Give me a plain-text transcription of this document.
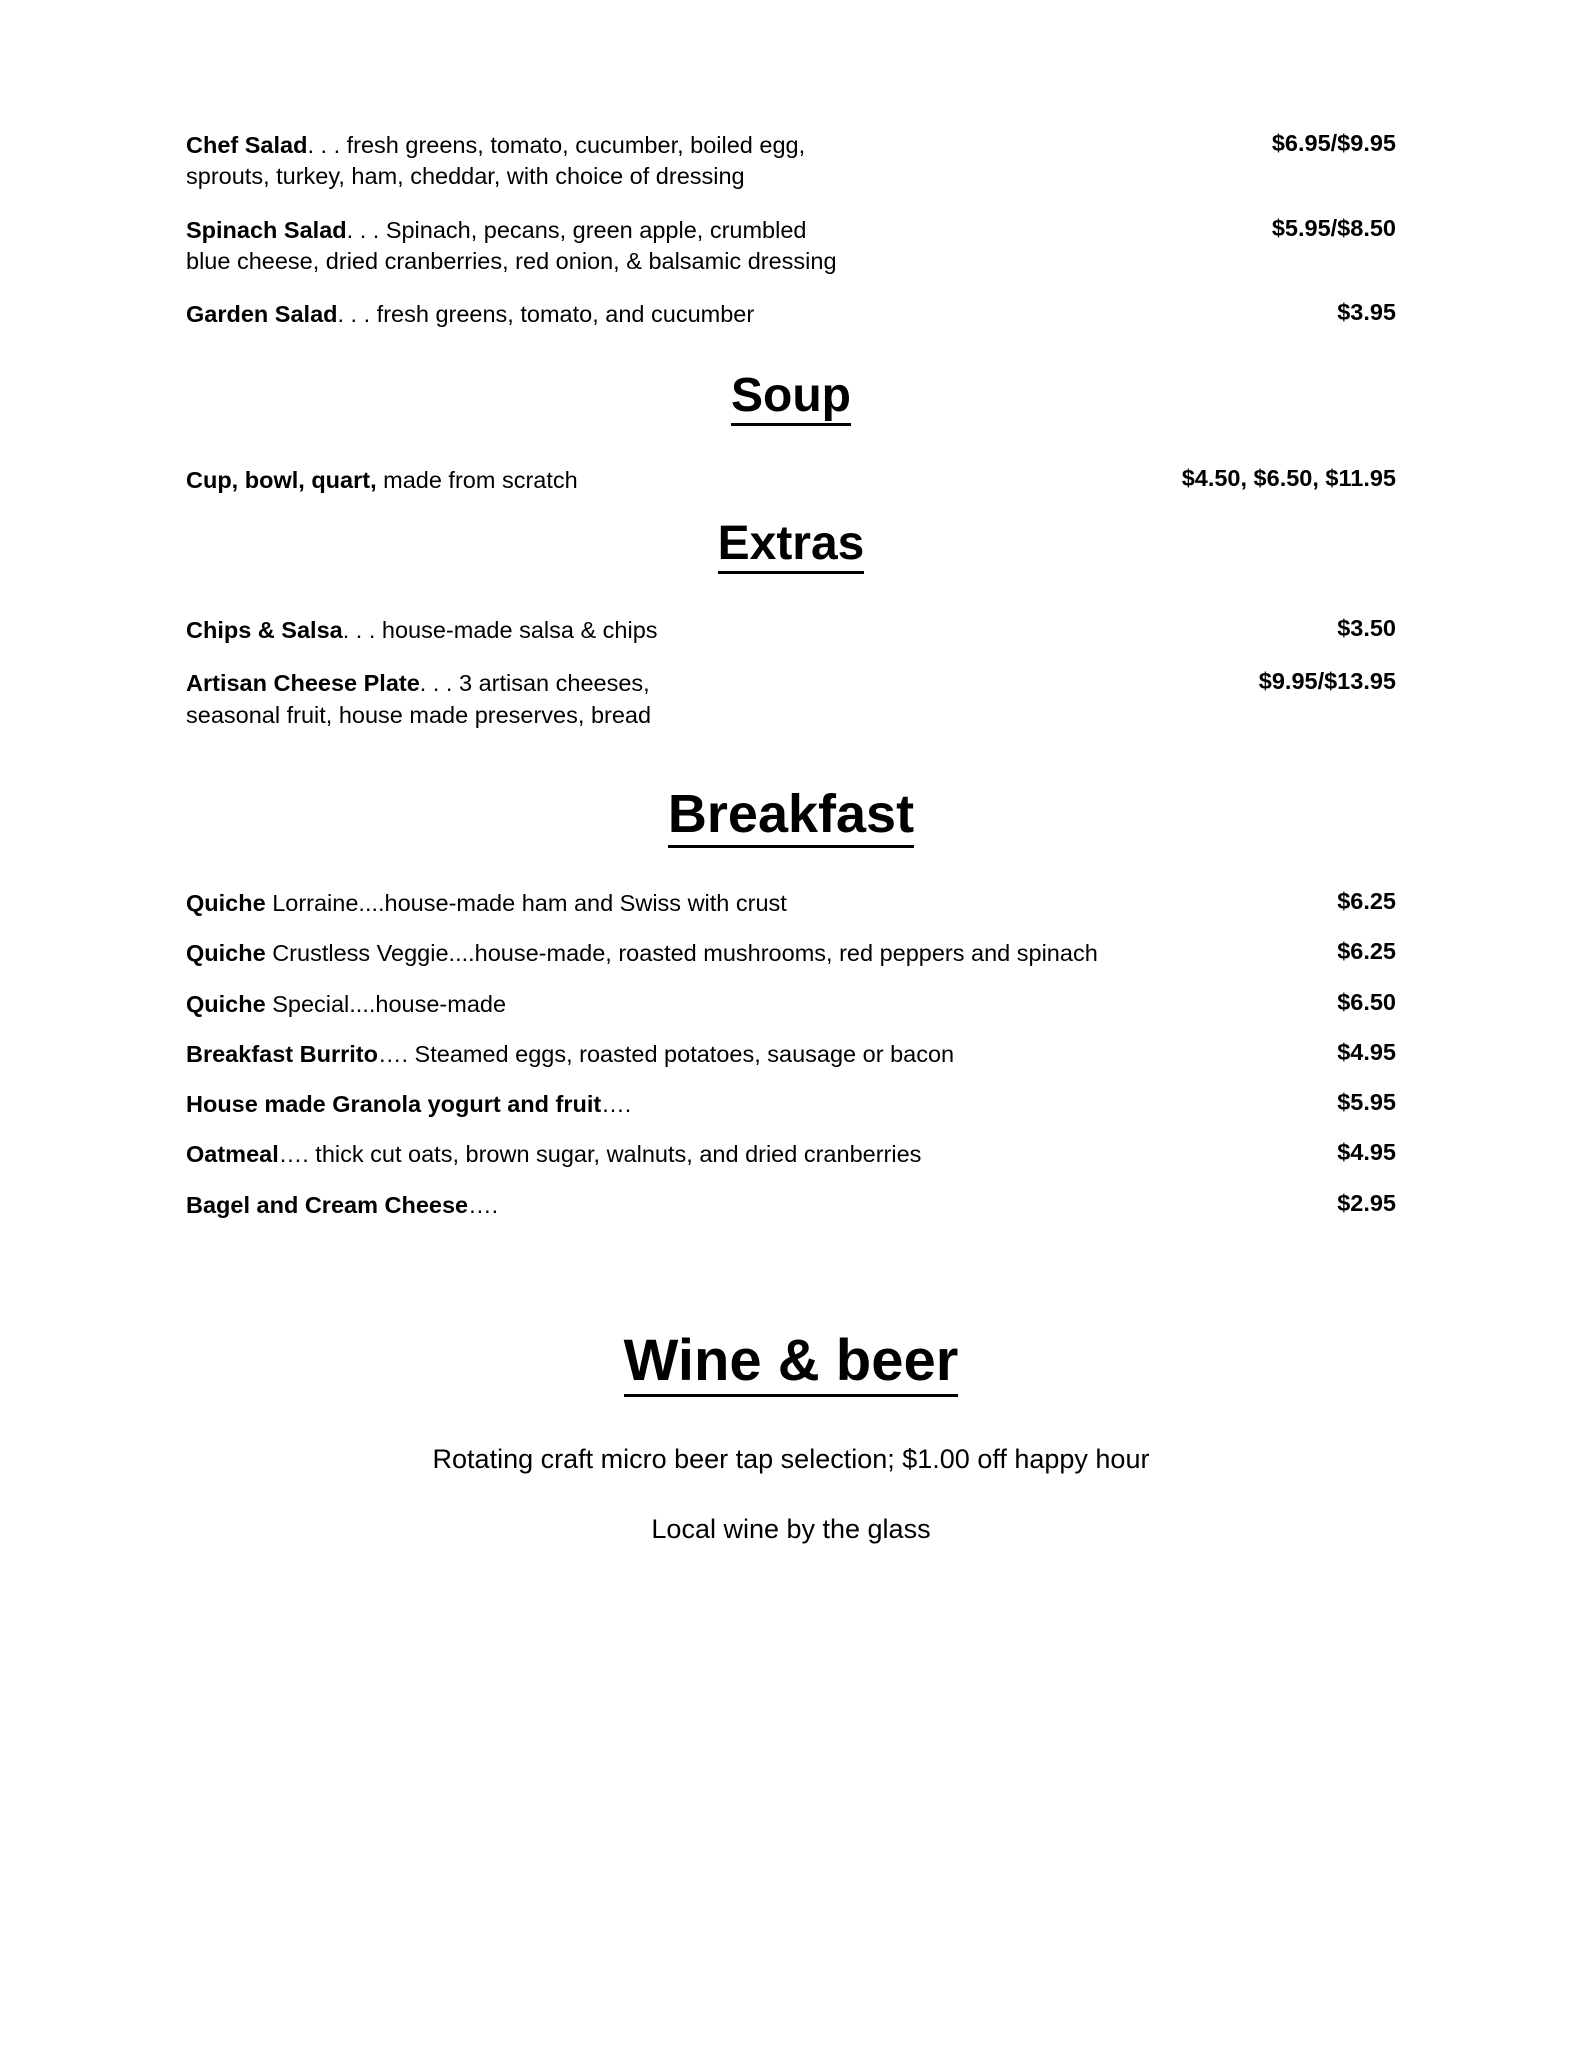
Chef Salad. . . fresh greens, tomato, cucumber, boiled egg,
sprouts, turkey, ham, cheddar, with choice of dressing
$6.95/$9.95
Spinach Salad. . . Spinach, pecans, green apple, crumbled
blue cheese, dried cranberries, red onion, & balsamic dressing
$5.95/$8.50
Garden Salad. . . fresh greens, tomato, and cucumber	$3.95
Soup
Cup, bowl, quart, made from scratch	$4.50, $6.50, $11.95
Extras
Chips & Salsa. . . house-made salsa & chips	$3.50
Artisan Cheese Plate. . . 3 artisan cheeses,
seasonal fruit, house made preserves, bread
$9.95/$13.95
Breakfast
Quiche Lorraine....house-made ham and Swiss with crust	$6.25
Quiche Crustless Veggie....house-made, roasted mushrooms, red peppers and spinach	$6.25
Quiche Special....house-made	$6.50
Breakfast Burrito…. Steamed eggs, roasted potatoes, sausage or bacon	$4.95
House made Granola yogurt and fruit….	$5.95
Oatmeal…. thick cut oats, brown sugar, walnuts, and dried cranberries	$4.95
Bagel and Cream Cheese….	$2.95
Wine & beer
Rotating craft micro beer tap selection; $1.00 off happy hour
Local wine by the glass
